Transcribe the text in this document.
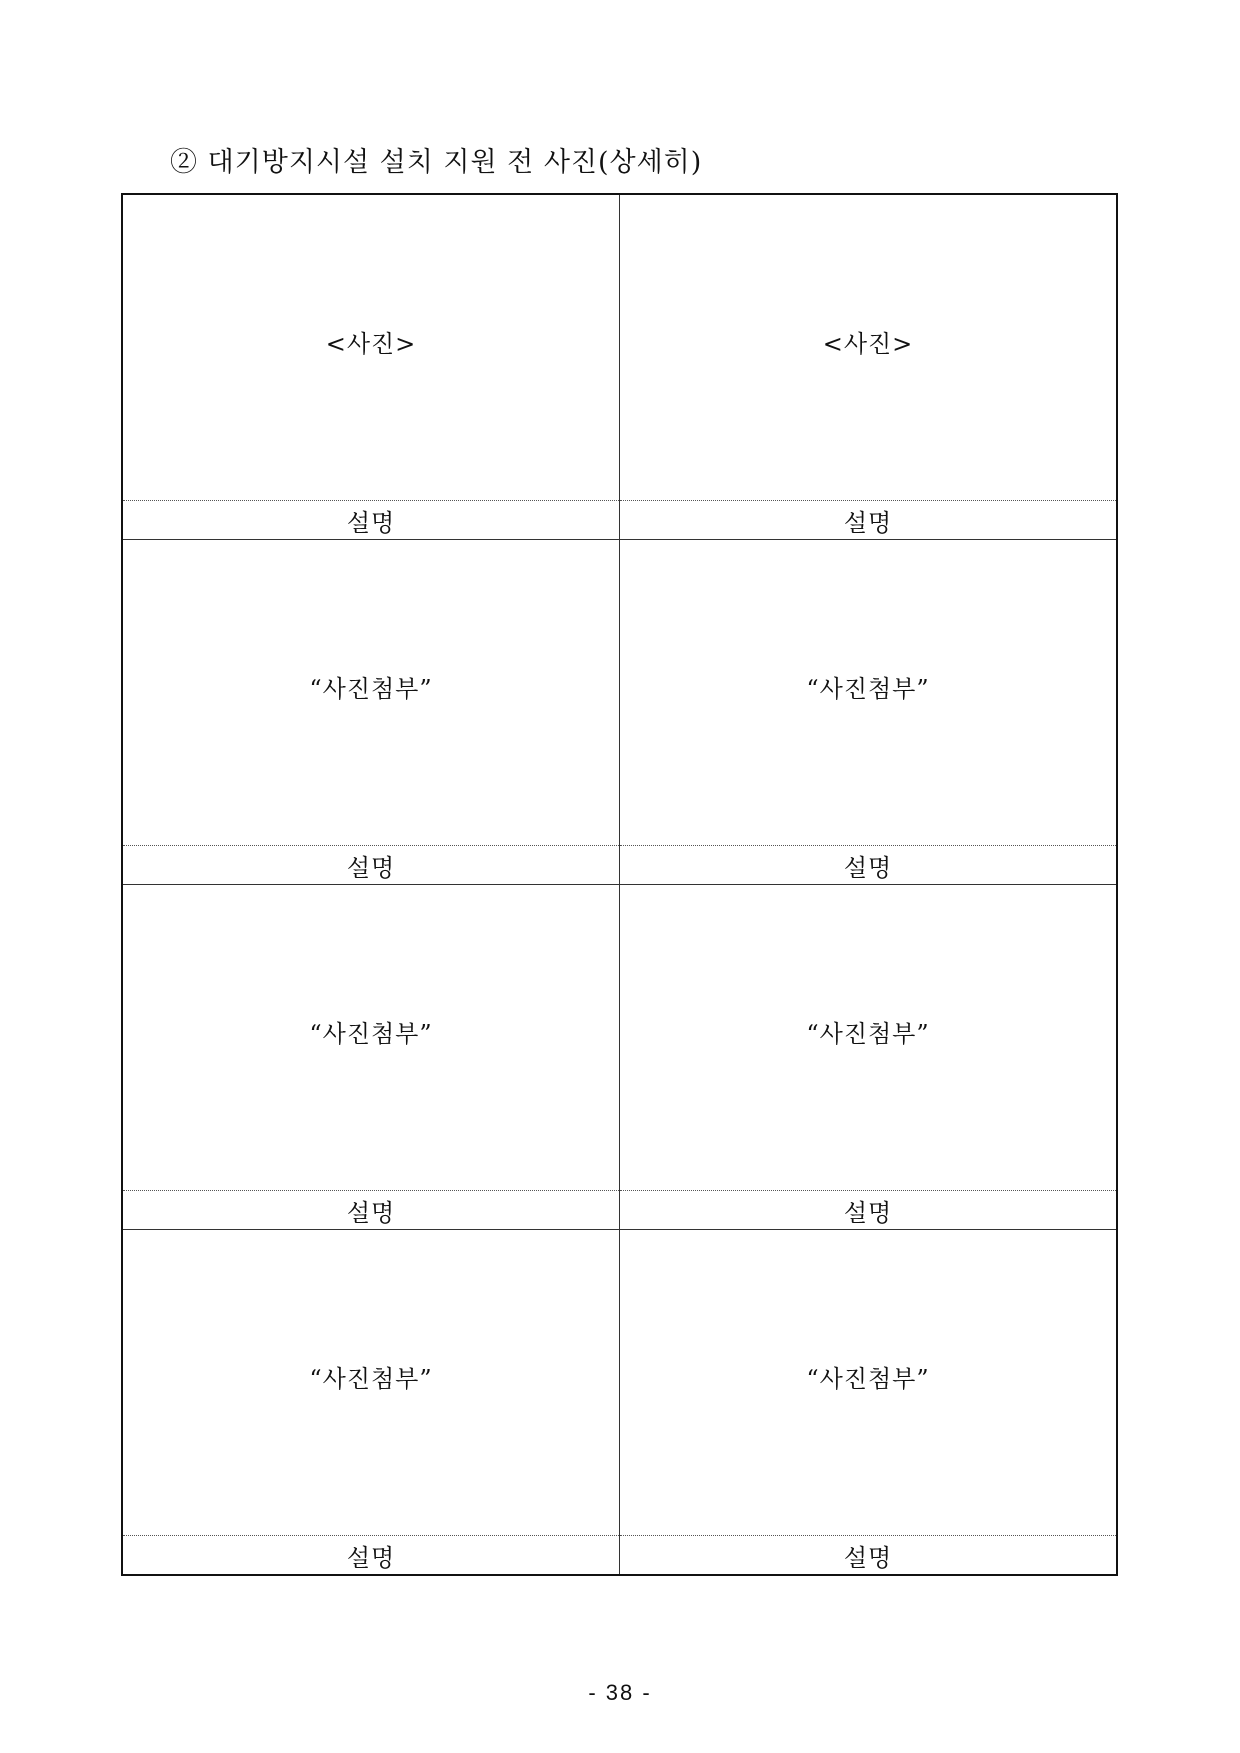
② 대기방지시설 설치 지원 전 사진(상세히)
<사진>	<사진>
설명	설명
“사진첨부”	“사진첨부”
설명	설명
“사진첨부”	“사진첨부”
설명	설명
“사진첨부”	“사진첨부”
설명	설명
- 38 -
